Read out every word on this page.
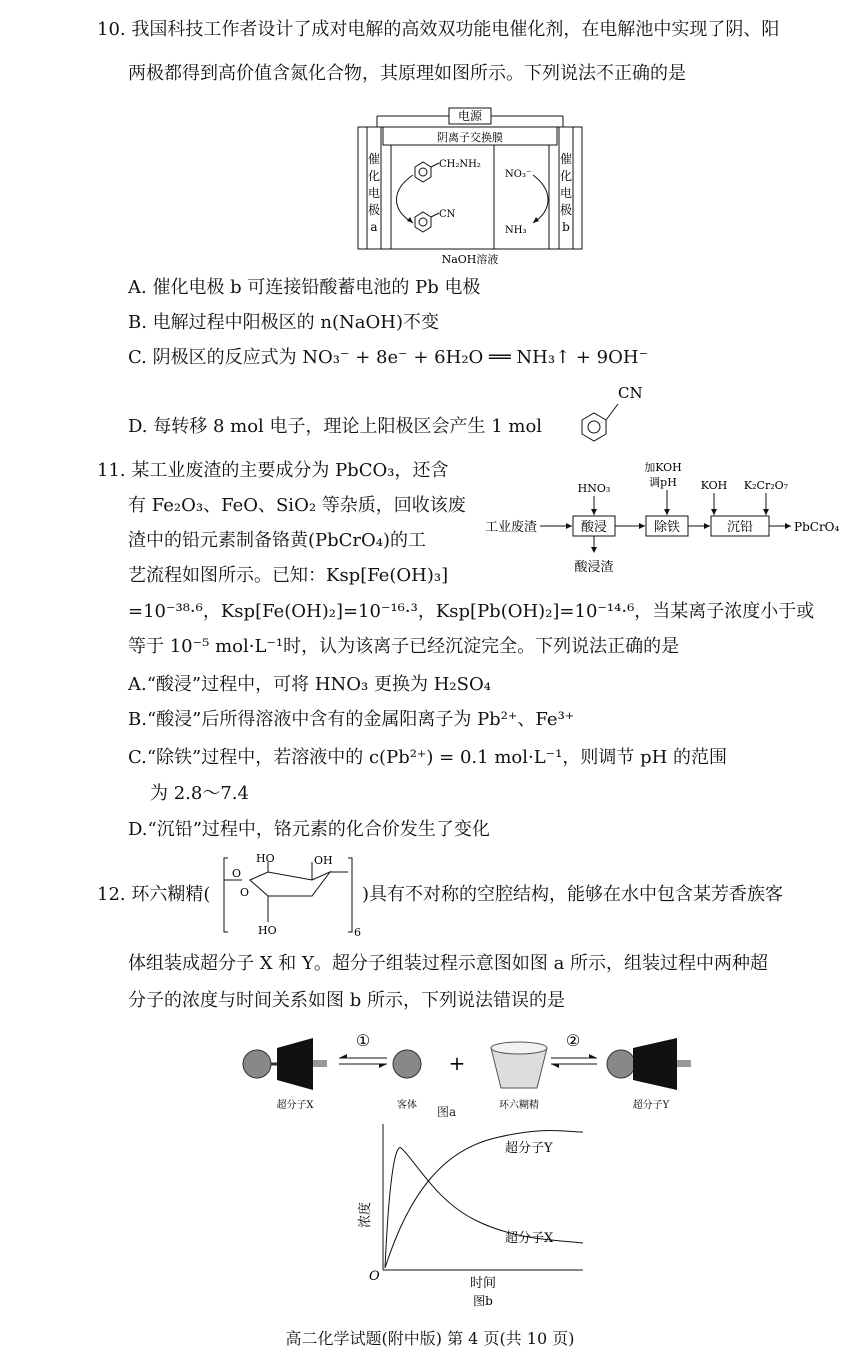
10. 我国科技工作者设计了成对电解的高效双功能电催化剂，在电解池中实现了阴、阳
两极都得到高价值含氮化合物，其原理如图所示。下列说法不正确的是
电源
阴离子交换膜
催
化
电
极
a
催
化
电
极
b
CH₂NH₂
CN
NO₃⁻
NH₃
NaOH溶液
A. 催化电极 b 可连接铅酸蓄电池的 Pb 电极
B. 电解过程中阳极区的 n(NaOH)不变
C. 阴极区的反应式为 NO₃⁻ + 8e⁻ + 6H₂O ══ NH₃↑ + 9OH⁻
D. 每转移 8 mol 电子，理论上阳极区会产生 1 mol
CN
11. 某工业废渣的主要成分为 PbCO₃，还含
有 Fe₂O₃、FeO、SiO₂ 等杂质，回收该废
渣中的铅元素制备铬黄(PbCrO₄)的工
艺流程如图所示。已知：Ksp[Fe(OH)₃]
=10⁻³⁸·⁶，Ksp[Fe(OH)₂]=10⁻¹⁶·³，Ksp[Pb(OH)₂]=10⁻¹⁴·⁶，当某离子浓度小于或
等于 10⁻⁵ mol·L⁻¹时，认为该离子已经沉淀完全。下列说法正确的是
工业废渣	酸浸
HNO₃
酸浸渣
除铁
加KOH
调pH
沉铅
KOH K₂Cr₂O₇
PbCrO₄
A.“酸浸”过程中，可将 HNO₃ 更换为 H₂SO₄
B.“酸浸”后所得溶液中含有的金属阳离子为 Pb²⁺、Fe³⁺
C.“除铁”过程中，若溶液中的 c(Pb²⁺) = 0.1 mol·L⁻¹，则调节 pH 的范围
为 2.8～7.4
D.“沉铅”过程中，铬元素的化合价发生了变化
12. 环六糊精(
O
HO	OH
O
HO	6
)具有不对称的空腔结构，能够在水中包含某芳香族客
体组装成超分子 X 和 Y。超分子组装过程示意图如图 a 所示，组装过程中两种超
分子的浓度与时间关系如图 b 所示，下列说法错误的是
超分子X
①
客体
+
环六糊精
②
超分子Y
图a
超分子Y
超分子X
浓度
O	时间
图b
高二化学试题(附中版) 第 4 页(共 10 页)
